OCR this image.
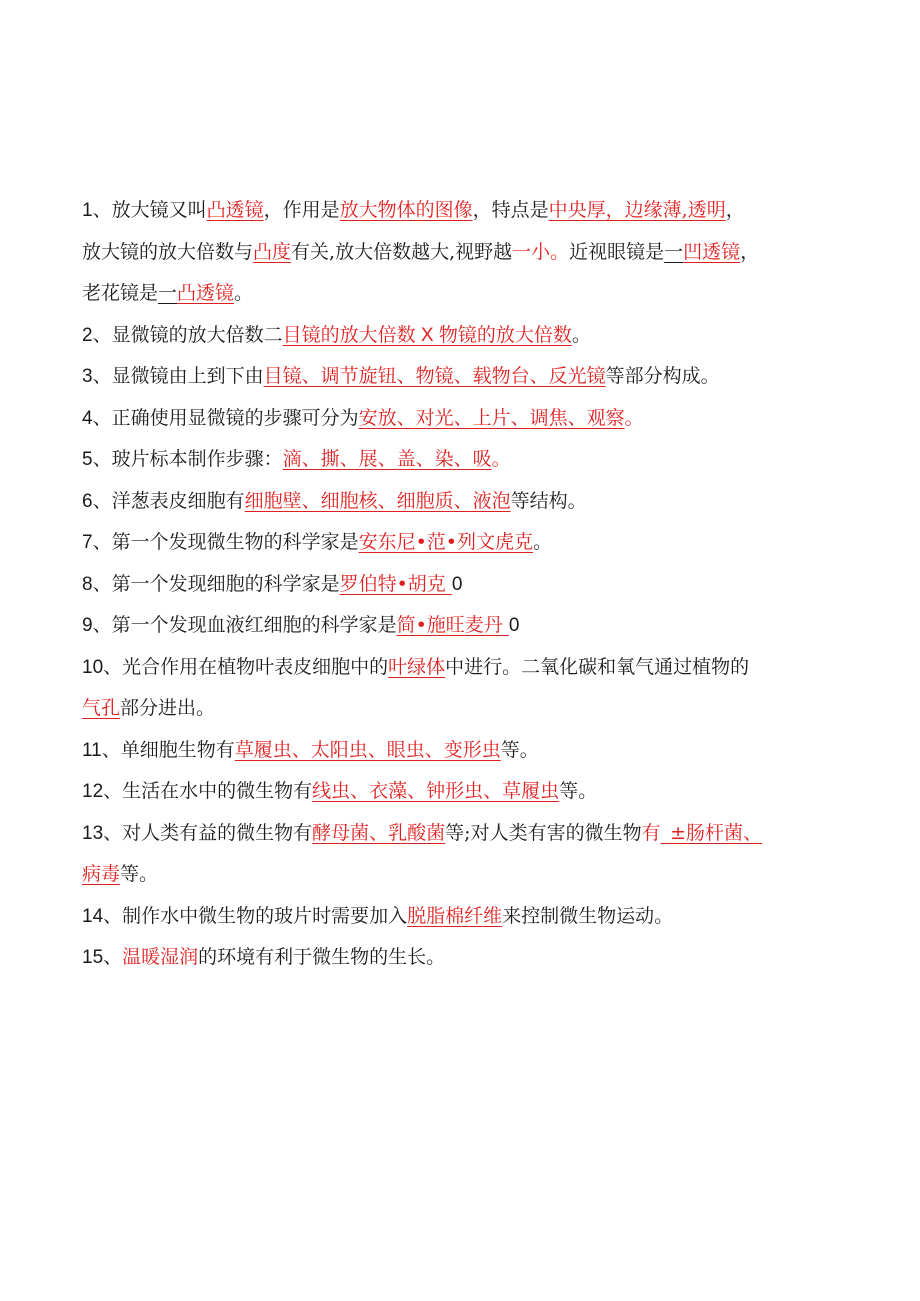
1、放大镜又叫凸透镜，作用是放大物体的图像，特点是中央厚，边缘薄,透明，

放大镜的放大倍数与凸度有关,放大倍数越大,视野越一小。近视眼镜是一凹透镜，

老花镜是一凸透镜。

2、显微镜的放大倍数二目镜的放大倍数 X 物镜的放大倍数。

3、显微镜由上到下由目镜、调节旋钮、物镜、载物台、反光镜等部分构成。

4、正确使用显微镜的步骤可分为安放、对光、上片、调焦、观察。

5、玻片标本制作步骤：滴、撕、展、盖、染、吸。

6、洋葱表皮细胞有细胞壁、细胞核、细胞质、液泡等结构。

7、第一个发现微生物的科学家是安东尼•范•列文虎克。

8、第一个发现细胞的科学家是罗伯特•胡克 0

9、第一个发现血液红细胞的科学家是简•施旺麦丹 0

10、光合作用在植物叶表皮细胞中的叶绿体中进行。二氧化碳和氧气通过植物的

气孔部分进出。

11、单细胞生物有草履虫、太阳虫、眼虫、变形虫等。

12、生活在水中的微生物有线虫、衣藻、钟形虫、草履虫等。

13、对人类有益的微生物有酵母菌、乳酸菌等;对人类有害的微生物有_±肠杆菌、

病毒等。

14、制作水中微生物的玻片时需要加入脱脂棉纤维来控制微生物运动。

15、温暖湿润的环境有利于微生物的生长。
